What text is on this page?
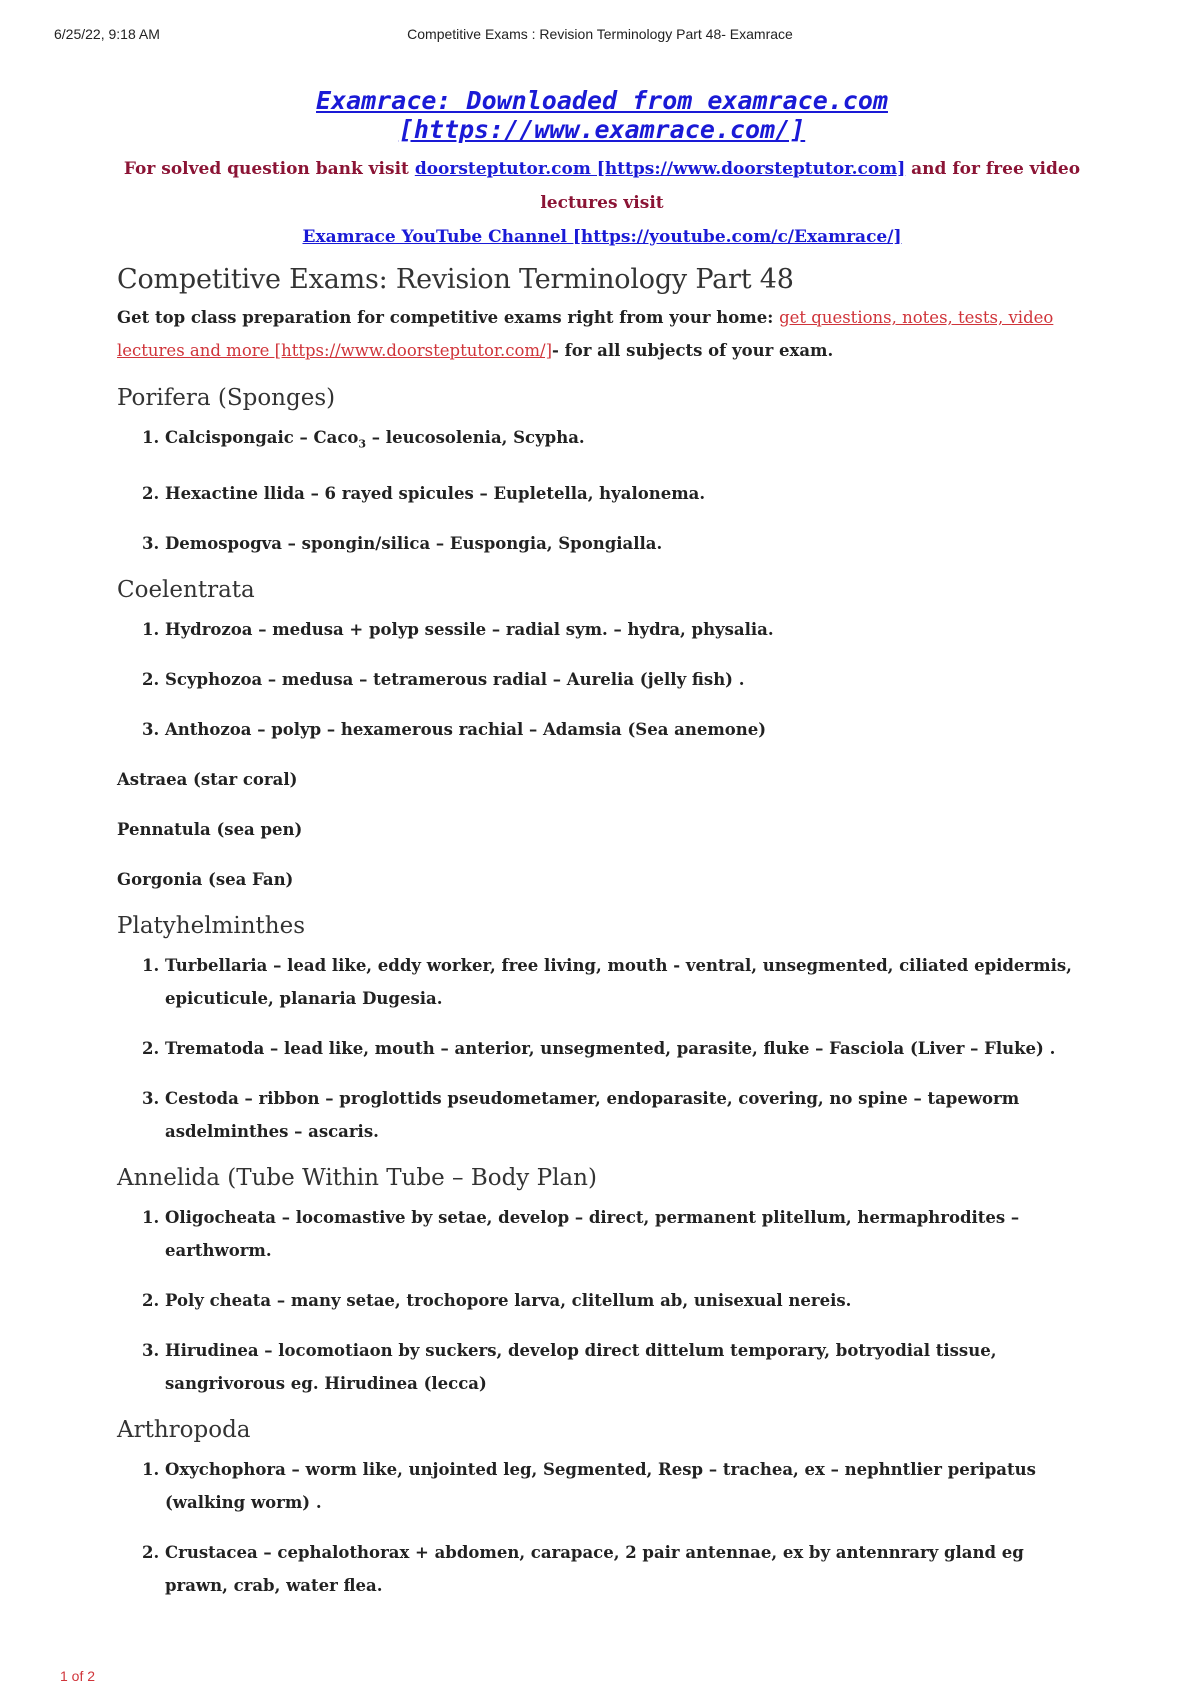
6/25/22, 9:18 AM	Competitive Exams : Revision Terminology Part 48- Examrace

Examrace: Downloaded from examrace.com [https://www.examrace.com/]

For solved question bank visit doorsteptutor.com [https://www.doorsteptutor.com] and for free video lectures visit
Examrace YouTube Channel [https://youtube.com/c/Examrace/]

Competitive Exams: Revision Terminology Part 48

Get top class preparation for competitive exams right from your home: get questions, notes, tests, video lectures and more [https://www.doorsteptutor.com/]- for all subjects of your exam.

Porifera (Sponges)
1. Calcispongaic – Caco$_3$ – leucosolenia, Scypha.
2. Hexactine llida – 6 rayed spicules – Eupletella, hyalonema.
3. Demospogva – spongin/silica – Euspongia, Spongialla.
Coelentrata
1. Hydrozoa – medusa + polyp sessile – radial sym. – hydra, physalia.
2. Scyphozoa – medusa – tetramerous radial – Aurelia (jelly fish) .
3. Anthozoa – polyp – hexamerous rachial – Adamsia (Sea anemone)

Astraea (star coral)

Pennatula (sea pen)

Gorgonia (sea Fan)

Platyhelminthes
1. Turbellaria – lead like, eddy worker, free living, mouth - ventral, unsegmented, ciliated epidermis, epicuticule, planaria Dugesia.
2. Trematoda – lead like, mouth – anterior, unsegmented, parasite, fluke – Fasciola (Liver – Fluke) .
3. Cestoda – ribbon – proglottids pseudometamer, endoparasite, covering, no spine – tapeworm asdelminthes – ascaris.
Annelida (Tube Within Tube – Body Plan)
1. Oligocheata – locomastive by setae, develop – direct, permanent plitellum, hermaphrodites – earthworm.
2. Poly cheata – many setae, trochopore larva, clitellum ab, unisexual nereis.
3. Hirudinea – locomotiaon by suckers, develop direct dittelum temporary, botryodial tissue, sangrivorous eg. Hirudinea (lecca)
Arthropoda
1. Oxychophora – worm like, unjointed leg, Segmented, Resp – trachea, ex – nephntlier peripatus (walking worm) .
2. Crustacea – cephalothorax + abdomen, carapace, 2 pair antennae, ex by antennrary gland eg prawn, crab, water flea.
1 of 2
